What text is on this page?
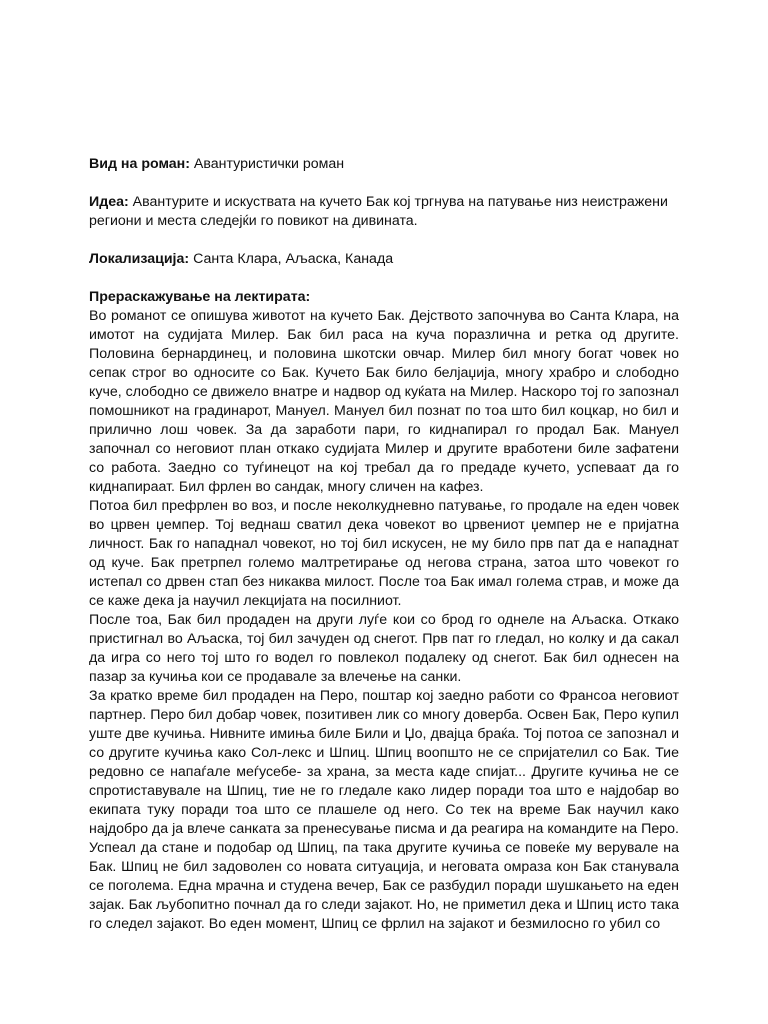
Вид на роман: Авантуристички роман

Идеа: Авантурите и искуствата на кучето Бак кој тргнува на патување низ неистражени региони и места следејќи го повикот на дивината.

Локализација: Санта Клара, Аљаска, Канада

Прераскажување на лектирата:

Во романот се опишува животот на кучето Бак. Дејството започнува во Санта Клара, на имотот на судијата Милер. Бак бил раса на куча поразлична и ретка од другите. Половина бернардинец, и половина шкотски овчар. Милер бил многу богат човек но сепак строг во односите со Бак. Кучето Бак било белјаџија, многу храбро и слободно куче, слободно се движело внатре и надвор од куќата на Милер. Наскоро тој го запознал помошникот на градинарот, Мануел. Мануел бил познат по тоа што бил коцкар, но бил и прилично лош човек. За да заработи пари, го киднапирал го продал Бак. Мануел започнал со неговиот план откако судијата Милер и другите вработени биле зафатени со работа. Заедно со туѓинецот на кој требал да го предаде кучето, успеваат да го киднапираат. Бил фрлен во сандак, многу сличен на кафез.

Потоа бил префрлен во воз, и после неколкудневно патување, го продале на еден човек во црвен џемпер. Тој веднаш сватил дека човекот во црвениот џемпер не е пријатна личност. Бак го нападнал човекот, но тој бил искусен, не му било прв пат да е нападнат од куче. Бак претрпел големо малтретирање од негова страна, затоа што човекот го истепал со дрвен стап без никаква милост. После тоа Бак имал голема страв, и може да се каже дека ја научил лекцијата на посилниот.

После тоа, Бак бил продаден на други луѓе кои со брод го однеле на Аљаска. Откако пристигнал во Аљаска, тој бил зачуден од снегот. Прв пат го гледал, но колку и да сакал да игра со него тој што го водел го повлекол подалеку од снегот. Бак бил однесен на пазар за кучиња кои се продавале за влечење на санки.

За кратко време бил продаден на Перо, поштар кој заедно работи со Франсоа неговиот партнер. Перо бил добар човек, позитивен лик со многу доверба. Освен Бак, Перо купил уште две кучиња. Нивните имиња биле Били и Џо, двајца браќа. Тој потоа се запознал и со другите кучиња како Сол-лекс и Шпиц. Шпиц воопшто не се спријателил со Бак. Тие редовно се напаѓале меѓусебе- за храна, за места каде спијат... Другите кучиња не се спротиставувале на Шпиц, тие не го гледале како лидер поради тоа што е најдобар во екипата туку поради тоа што се плашеле од него. Со тек на време Бак научил како најдобро да ја влече санката за пренесување писма и да реагира на командите на Перо. Успеал да стане и подобар од Шпиц, па така другите кучиња се повеќе му верувале на Бак. Шпиц не бил задоволен со новата ситуација, и неговата омраза кон Бак станувала се поголема. Една мрачна и студена вечер, Бак се разбудил поради шушкањето на еден зајак. Бак љубопитно почнал да го следи зајакот. Но, не приметил дека и Шпиц исто така го следел зајакот. Во еден момент, Шпиц се фрлил на зајакот и безмилосно го убил со
